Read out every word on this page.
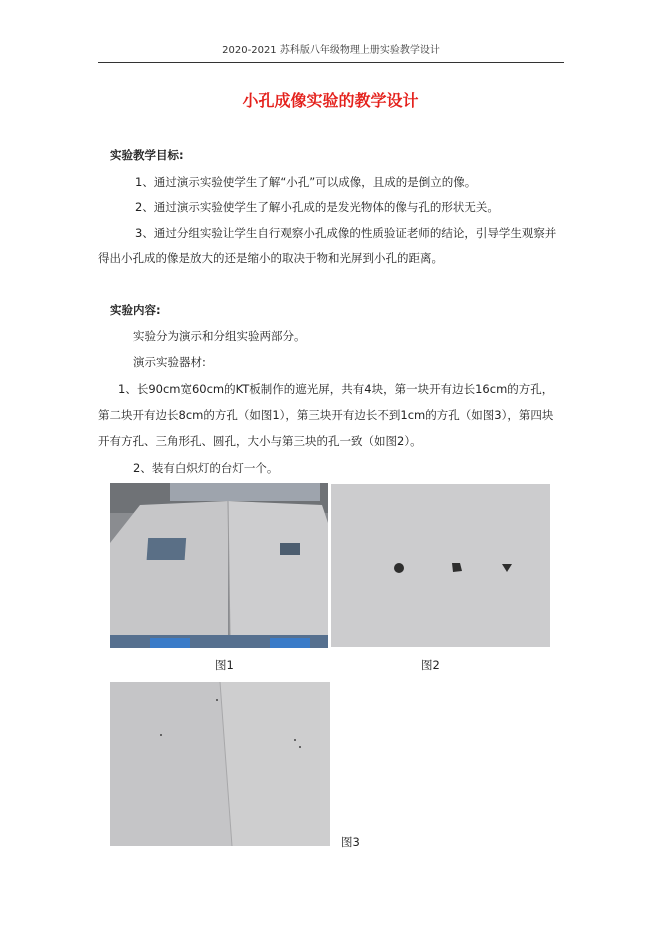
2020-2021 苏科版八年级物理上册实验教学设计
小孔成像实验的教学设计
实验教学目标:
1、通过演示实验使学生了解“小孔”可以成像，且成的是倒立的像。
2、通过演示实验使学生了解小孔成的是发光物体的像与孔的形状无关。
3、通过分组实验让学生自行观察小孔成像的性质验证老师的结论，引导学生观察并
得出小孔成的像是放大的还是缩小的取决于物和光屏到小孔的距离。
实验内容:
实验分为演示和分组实验两部分。
演示实验器材:
1、长90cm宽60cm的KT板制作的遮光屏，共有4块，第一块开有边长16cm的方孔，
第二块开有边长8cm的方孔（如图1），第三块开有边长不到1cm的方孔（如图3），第四块
开有方孔、三角形孔、圆孔，大小与第三块的孔一致（如图2）。
2、装有白炽灯的台灯一个。
图1	图2
图3
